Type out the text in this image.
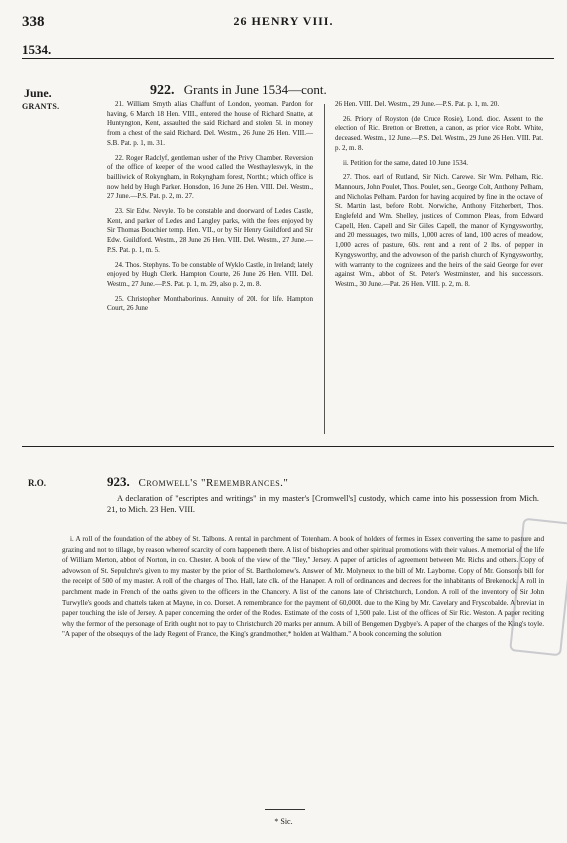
338	26 HENRY VIII.
1534.
June.
GRANTS.
922. Grants in June 1534—cont.

21. William Smyth alias Chaffunt of London, yeoman. Pardon for having, 6 March 18 Hen. VIII., entered the house of Richard Snatte, at Huntyngton, Kent, assaulted the said Richard and stolen 5l. in money from a chest of the said Richard. Del. Westm., 26 June 26 Hen. VIII.—S.B. Pat. p. 1, m. 31.

22. Roger Radclyf, gentleman usher of the Privy Chamber. Reversion of the office of keeper of the wood called the Westhayleswyk, in the bailliwick of Rokyngham, in Rokyngham forest, Northt.; which office is now held by Hugh Parker. Honsdon, 16 June 26 Hen. VIII. Del. Westm., 27 June.—P.S. Pat. p. 2, m. 27.

23. Sir Edw. Nevyle. To be constable and doorward of Ledes Castle, Kent, and parker of Ledes and Langley parks, with the fees enjoyed by Sir Thomas Bouchier temp. Hen. VII., or by Sir Henry Guildford and Sir Edw. Guildford. Westm., 28 June 26 Hen. VIII. Del. Westm., 27 June.—P.S. Pat. p. 1, m. 5.

24. Thos. Stephyns. To be constable of Wyklo Castle, in Ireland; lately enjoyed by Hugh Clerk. Hampton Courte, 26 June 26 Hen. VIII. Del. Westm., 27 June.—P.S. Pat. p. 1, m. 29, also p. 2, m. 8.

25. Christopher Monthaborinus. Annuity of 20l. for life. Hampton Court, 26 June

26 Hen. VIII. Del. Westm., 29 June.—P.S. Pat. p. 1, m. 20.

26. Priory of Royston (de Cruce Rosie), Lond. dioc. Assent to the election of Ric. Bretton or Bretten, a canon, as prior vice Robt. White, deceased. Westm., 12 June.—P.S. Del. Westm., 29 June 26 Hen. VIII. Pat. p. 2, m. 8.

ii. Petition for the same, dated 10 June 1534.

27. Thos. earl of Rutland, Sir Nich. Carewe. Sir Wm. Pelham, Ric. Mannours, John Poulet, Thos. Poulet, sen., George Colt, Anthony Pelham, and Nicholas Pelham. Pardon for having acquired by fine in the octave of St. Martin last, before Robt. Norwiche, Anthony Fitzherbert, Thos. Englefeld and Wm. Shelley, justices of Common Pleas, from Edward Capell, Hen. Capell and Sir Giles Capell, the manor of Kyngysworthy, and 20 messuages, two mills, 1,000 acres of land, 100 acres of meadow, 1,000 acres of pasture, 60s. rent and a rent of 2 lbs. of pepper in Kyngysworthy, and the advowson of the parish church of Kyngysworthy, with warranty to the cognizees and the heirs of the said George for ever against Wm., abbot of St. Peter's Westminster, and his successors. Westm., 30 June.—Pat. 26 Hen. VIII. p. 2, m. 8.

R.O.	923. Cromwell's "Remembrances."
A declaration of "escriptes and writings" in my master's [Cromwell's] custody, which came into his possession from Mich. 21, to Mich. 23 Hen. VIII.
i. A roll of the foundation of the abbey of St. Talbons. A rental in parchment of Totenham. A book of holders of fermes in Essex converting the same to pasture and grazing and not to tillage, by reason whereof scarcity of corn happeneth there. A list of bishopries and other spiritual promotions with their values. A memorial of the life of William Merton, abbot of Norton, in co. Chester. A book of the view of the "Iley," Jersey. A paper of articles of agreement between Mr. Richs and others. Copy of advowson of St. Sepulchre's given to my master by the prior of St. Bartholomew's. Answer of Mr. Molyneux to the bill of Mr. Layborne. Copy of Mr. Gonson's bill for the receipt of 500 of my master. A roll of the charges of Tho. Hall, late clk. of the Hanaper. A roll of ordinances and decrees for the inhabitants of Brekenock. A roll in parchment made in French of the oaths given to the officers in the Chancery. A list of the canons late of Christchurch, London. A roll of the inventory of Sir John Turwylle's goods and chattels taken at Mayne, in co. Dorset. A remembrance for the payment of 60,000l. due to the King by Mr. Cavelary and Fryscobalde. A breviat in paper touching the isle of Jersey. A paper concerning the order of the Rodes. Estimate of the costs of 1,500 pale. List of the offices of Sir Ric. Weston. A paper reciting why the fermor of the personage of Erith ought not to pay to Christchurch 20 marks per annum. A bill of Bengemen Dygbye's. A paper of the charges of the King's toyle. "A paper of the obsequys of the lady Regent of France, the King's grandmother,* holden at Waltham." A book concerning the solution
* Sic.
